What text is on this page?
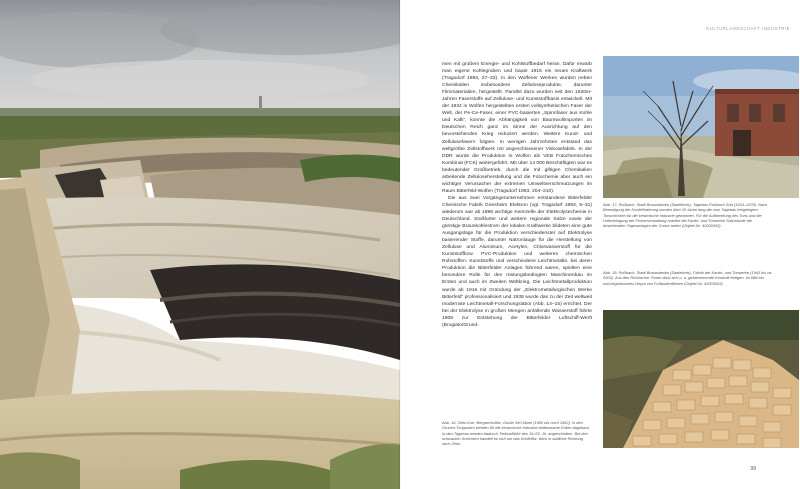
KULTURLANDSCHAFT INDUSTRIE

men mit großem Energie- und Kohlstoffbedarf heran. Dafür erwarb man eigene Kohlegruben und baute 1915 ein neues Kraftwerk (Tragsdorf 1993, 27–33). In den Wolfener Werken wurden neben Chemikalien insbesondere Zelluloseprodukte, darunter Filmmaterialien, hergestellt. Parallel dazu wurden seit den 1920er-Jahren Faserstoffe auf Zellulose- und Kunststoffbasis entwickelt. Mit der 1934 in Wolfen hergestellten ersten vollsynthetischen Faser der Welt, der Pe-Ce-Faser, einer PVC-basierten „Spinnfaser aus Kohle und Kalk“, konnte die Abhängigkeit von Baumwollimporten im Deutschen Reich ganz im Sinne der Ausrichtung auf den bevorstehenden Krieg reduziert werden. Weitere Kunst- und Zellulosefasern folgten. In wenigen Jahrzehnten entstand das weltgrößte Zellstoffwerk mit angeschlossener Viskosefabrik. In der DDR wurde die Produktion in Wolfen als VEB Fotochemisches Kombinat (FCK) weitergeführt. Mit über 14 000 Beschäftigten war es bedeutender Großbetrieb, durch die mit giftigen Chemikalien arbeitende Zelluloseherstellung und die Fotochemie aber auch ein wichtiger Verursacher der extremen Umweltverschmutzungen im Raum Bitterfeld-Wolfen (Tragsdorf 1993, 204–210).

Die aus zwei Vorgängerunternehmen entstandene Bitterfelder Chemische Fabrik Griesheim Elektron (vgl. Tragsdorf 1993, 5–31) wiederum war ab 1898 wichtige Keimzelle der Elektrolysechemie in Deutschland. Stoßfurter und weitere regionale Salze sowie der günstige Braunkohlestrom der lokalen Kraftwerke bildeten eine gute Ausgangslage für die Produktion verschiedenster auf Elektrolyse basierender Stoffe, darunter Natronlauge für die Herstellung von Zellulose und Aluminium, Acetylen, Chlorwasserstoff für die Kunststoffbzw. PVC-Produktion und weiteren chemischen Rohstoffen. Kunststoffe und verschiedene Leichtmetalle, bei deren Produktion die Bitterfelder Anlagen führend waren, spielten eine besondere Rolle für den rüstungsbedingten Maschinenbau im Ersten und auch im Zweiten Weltkrieg. Die Leichtmetallproduktion wurde ab 1916 mit Gründung der „Elektrometallurgischen Werke Bitterfeld“ professionalisiert und 1938 wurde das zu der Zeit weltweit modernste Leichtmetall-Forschungslabor (Abb. 14–15) errichtet. Der bei der Elektrolyse in großen Mengen anfallende Wasserstoff führte 1908 zur Entstehung der Bitterfelder Luftschiff-Werft (Brogiato/Grund-

Abb. 16: Zeitz-Kue, Bergwerksflöz, Grube 340 Marie (1992 bis noch 1992). In den Grunen-Tongruben werden für die keramische Industrie bedeutsame Erden abgebaut. In den Tagebau werden dadurch Tiefbauflöße des 19./20. Jh. angeschnitten. Bei den schwarzen Schichten handelt es sich um das Kohleflöz. Blick in südliche Richtung nach Zeitz.
Abb. 17: Roßbach, Stadt Braunsbedra (Saalekreis), Tagebau Roßbach Süd (1934–1978). Nach Beendigung der Kohleförderung wurden über 20 Jahre lang die vom Tagebau freigelegten Tonschichten für die keramische Industrie gewonnen. Für die Aufbereitung des Tons und die Unterbringung der Firmenverwaltung nutzten die Kaolin- und Tonwerke Salzmünde die bestehenden Tagesanlagen der Grube weiter (Objekt-Nr. 42000093)
Abb. 18: Roßbach, Stadt Braunsbedra (Saalekreis), Fabrik der Kaolin- und Tonwerke (1943 bis ca. 2004). Aus den Roßbacher Tonen lässt sich u. a. gelbbrennende Keramik fertigen. Im Bild ein zurückgelassenes Depot von Fußbodenfliesen (Objekt-Nr. 42000093)
99
